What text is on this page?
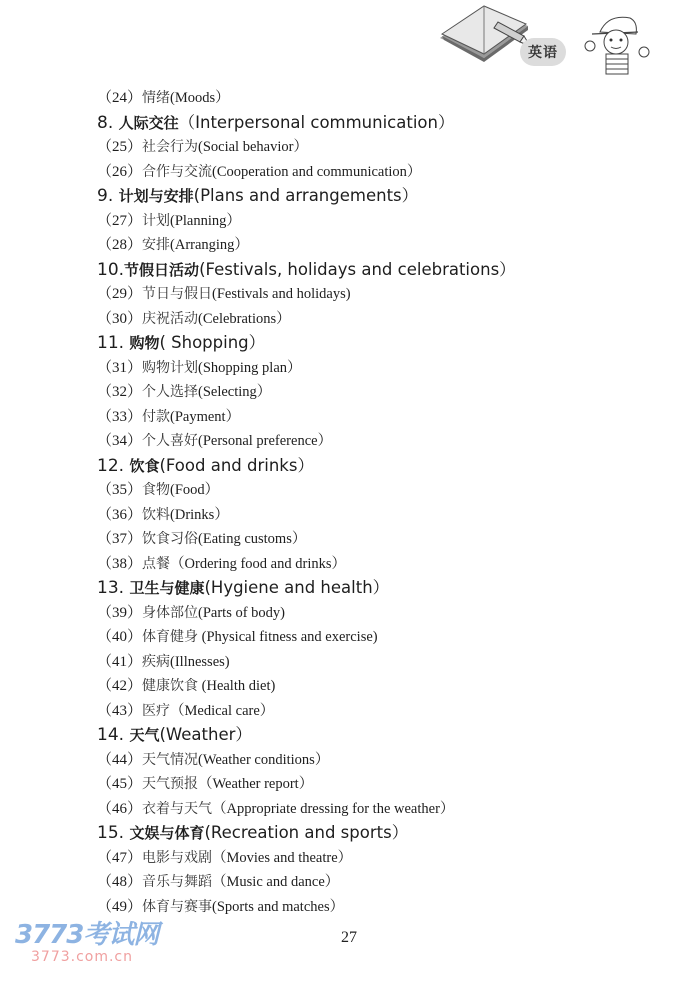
英语
（24）情绪(Moods）
8. 人际交往（Interpersonal communication）
（25）社会行为(Social behavior）
（26）合作与交流(Cooperation and communication）
9. 计划与安排(Plans and arrangements）
（27）计划(Planning）
（28）安排(Arranging）
10.节假日活动(Festivals, holidays and celebrations）
（29）节日与假日(Festivals and holidays)
（30）庆祝活动(Celebrations）
11. 购物( Shopping）
（31）购物计划(Shopping plan）
（32）个人选择(Selecting）
（33）付款(Payment）
（34）个人喜好(Personal preference）
12. 饮食(Food and drinks）
（35）食物(Food）
（36）饮料(Drinks）
（37）饮食习俗(Eating customs）
（38）点餐（Ordering food and drinks）
13. 卫生与健康(Hygiene and health）
（39）身体部位(Parts of body)
（40）体育健身 (Physical fitness and exercise)
（41）疾病(Illnesses)
（42）健康饮食 (Health diet)
（43）医疗（Medical care）
14. 天气(Weather）
（44）天气情况(Weather conditions）
（45）天气预报（Weather report）
（46）衣着与天气（Appropriate dressing for the weather）
15. 文娱与体育(Recreation and sports）
（47）电影与戏剧（Movies and theatre）
（48）音乐与舞蹈（Music and dance）
（49）体育与赛事(Sports and matches）
27
3773考试网
3773.com.cn
